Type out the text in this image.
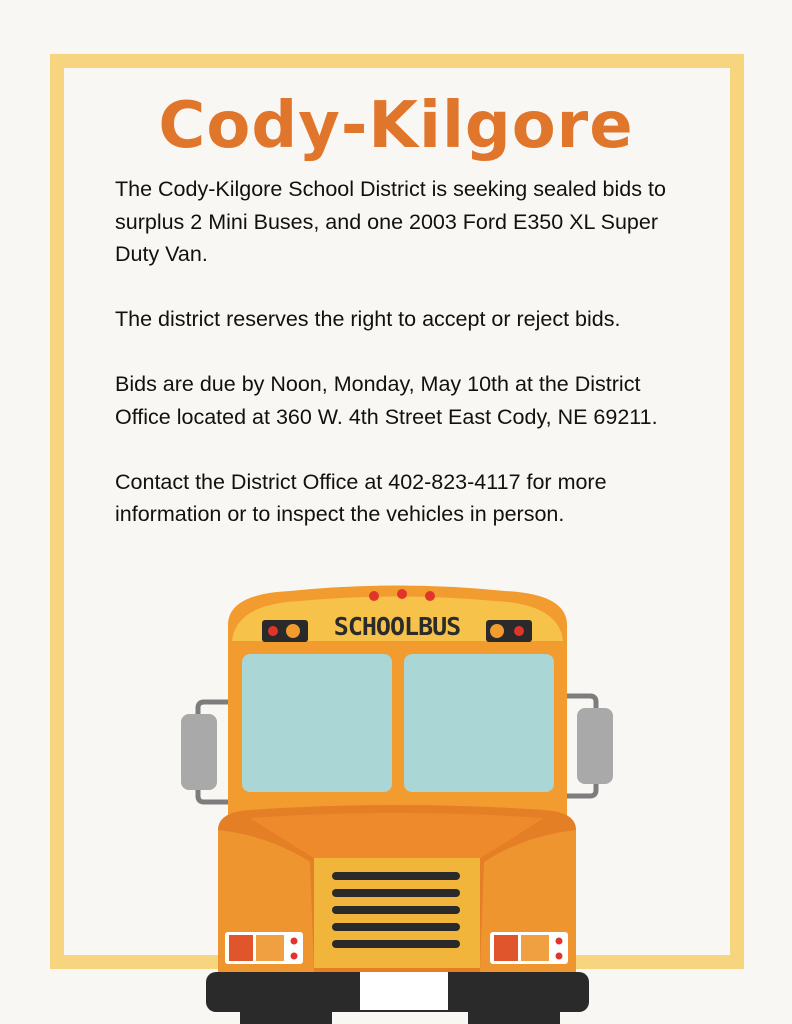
Cody-Kilgore

The Cody-Kilgore School District is seeking sealed bids to surplus 2 Mini Buses, and one 2003 Ford E350 XL Super Duty Van.

The district reserves the right to accept or reject bids.

Bids are due by Noon, Monday, May 10th at the District Office located at 360 W. 4th Street East Cody, NE 69211.

Contact the District Office at 402-823-4117 for more information or to inspect the vehicles in person.

SCHOOLBUS
